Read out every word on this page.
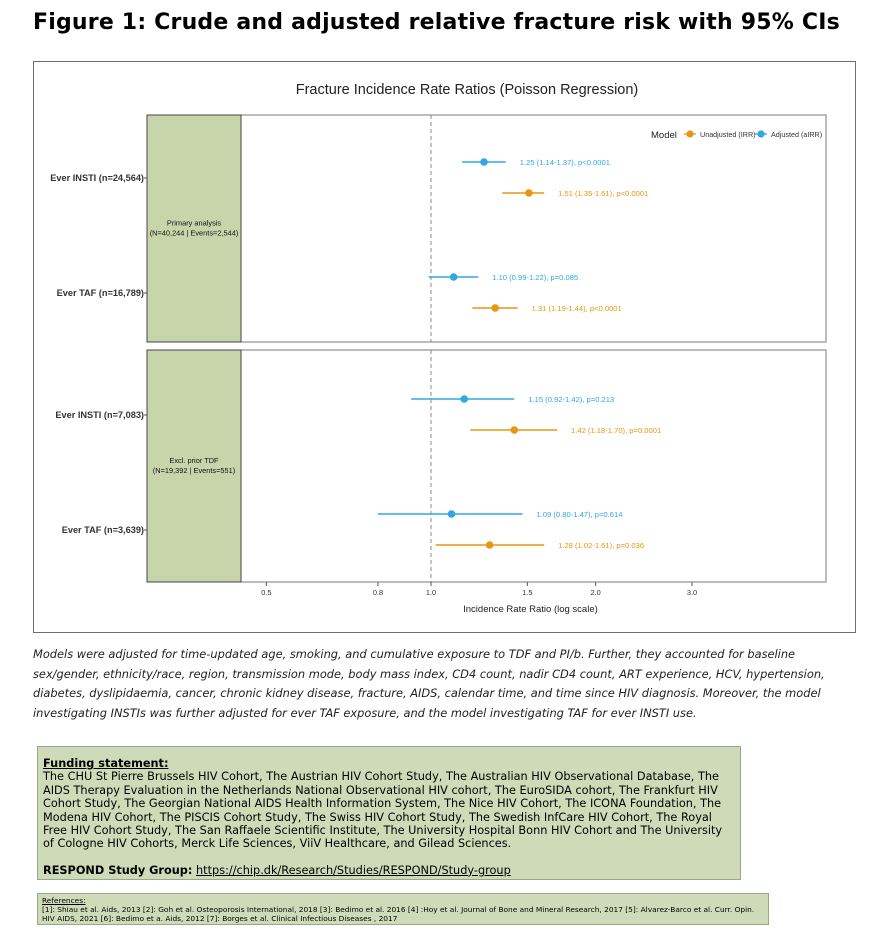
Figure 1: Crude and adjusted relative fracture risk with 95% CIs
Fracture Incidence Rate Ratios (Poisson Regression)
Model	Unadjusted (IRR) Adjusted (aIRR)
Primary analysis
(N=40,244 | Events=2,544)
Ever INSTI (n=24,564)
1.25 (1.14-1.37), p<0.0001
1.51 (1.35-1.61), p<0.0001
Ever TAF (n=16,789)
1.10 (0.99-1.22), p=0.085
1.31 (1.19-1.44), p<0.0001
Excl. prior TDF
(N=19,392 | Events=551)
Ever INSTI (n=7,083)
1.15 (0.92-1.42), p=0.213
1.42 (1.18-1.70), p=0.0001
Ever TAF (n=3,639)
1.09 (0.80-1.47), p=0.614
1.28 (1.02-1.61), p=0.036
0.5	0.8	1.0	1.5	2.0	3.0
Incidence Rate Ratio (log scale)
Models were adjusted for time-updated age, smoking, and cumulative exposure to TDF and PI/b. Further, they accounted for baseline sex/gender, ethnicity/race, region, transmission mode, body mass index, CD4 count, nadir CD4 count, ART experience, HCV, hypertension, diabetes, dyslipidaemia, cancer, chronic kidney disease, fracture, AIDS, calendar time, and time since HIV diagnosis. Moreover, the model investigating INSTIs was further adjusted for ever TAF exposure, and the model investigating TAF for ever INSTI use.
Funding statement:
The CHU St Pierre Brussels HIV Cohort, The Austrian HIV Cohort Study, The Australian HIV Observational Database, The AIDS Therapy Evaluation in the Netherlands National Observational HIV cohort, The EuroSIDA cohort, The Frankfurt HIV Cohort Study, The Georgian National AIDS Health Information System, The Nice HIV Cohort, The ICONA Foundation, The Modena HIV Cohort, The PISCIS Cohort Study, The Swiss HIV Cohort Study, The Swedish InfCare HIV Cohort, The Royal Free HIV Cohort Study, The San Raffaele Scientific Institute, The University Hospital Bonn HIV Cohort and The University of Cologne HIV Cohorts, Merck Life Sciences, ViiV Healthcare, and Gilead Sciences.
RESPOND Study Group: https://chip.dk/Research/Studies/RESPOND/Study-group
References:
[1]: Shiau et al. Aids, 2013 [2]: Goh et al. Osteoporosis International, 2018 [3]: Bedimo et al. 2016 [4] :Hoy et al. Journal of Bone and Mineral Research, 2017 [5]: Alvarez-Barco et al. Curr. Opin. HIV AIDS, 2021 [6]: Bedimo et a. Aids, 2012 [7]: Borges et al. Clinical Infectious Diseases , 2017
